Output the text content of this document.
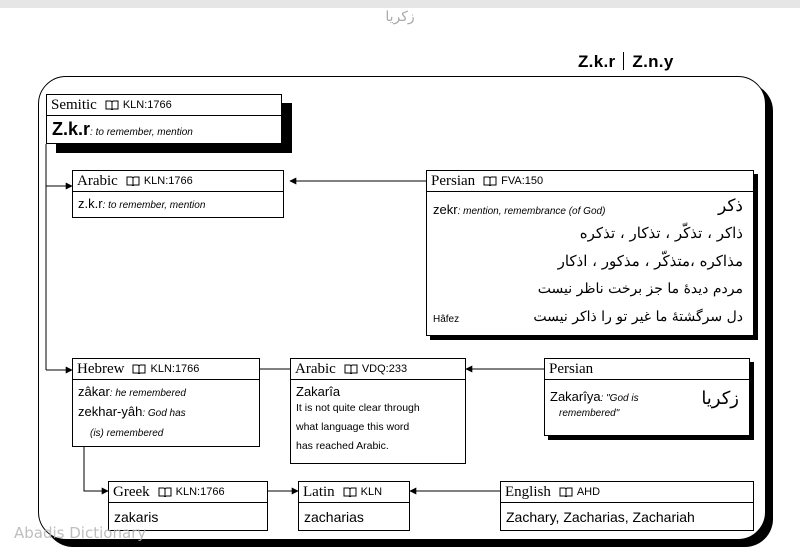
زکریا
Z.k.r Z.n.y
Semitic KLN:1766
Z.k.r: to remember, mention
Arabic KLN:1766
z.k.r: to remember, mention
Persian FVA:150
zekr: mention, remembrance (of God)	ذکر
ذاکر ، تذکّر ، تذکار ، تذکره
مذاکره ،متذکّر ، مذکور ، اذکار
مردم دیدهٔ ما جز برخت ناظر نیست
دل سرگشتهٔ ما غیر تو را ذاکر نیست
Hâfez
Hebrew KLN:1766
zâkar: he remembered
zekhar-yâh: God has
(is) remembered
Arabic VDQ:233
Zakarîa
It is not quite clear through
what language this word
has reached Arabic.
Persian
Zakarîya: "God is
remembered"
زکریا
Greek KLN:1766
zakaris
Latin KLN
zacharias
English AHD
Zachary, Zacharias, Zachariah
Abadis Dictionary
